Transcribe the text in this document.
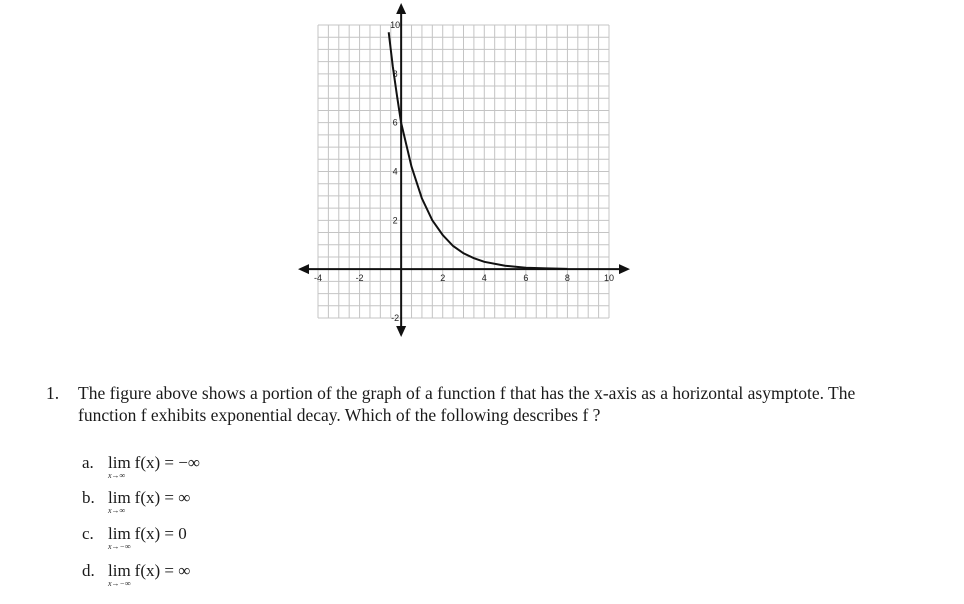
-4	-2	2	4	6	8	10
-2
2
4
6
8
10
1. The figure above shows a portion of the graph of a function f that has the x-axis as a horizontal asymptote. The function f exhibits exponential decay. Which of the following describes f ?
a. lim
x→∞
f(x) = −∞
b. lim
x→∞
f(x) = ∞
c. lim
x→−∞
f(x) = 0
d. lim
x→−∞
f(x) = ∞
